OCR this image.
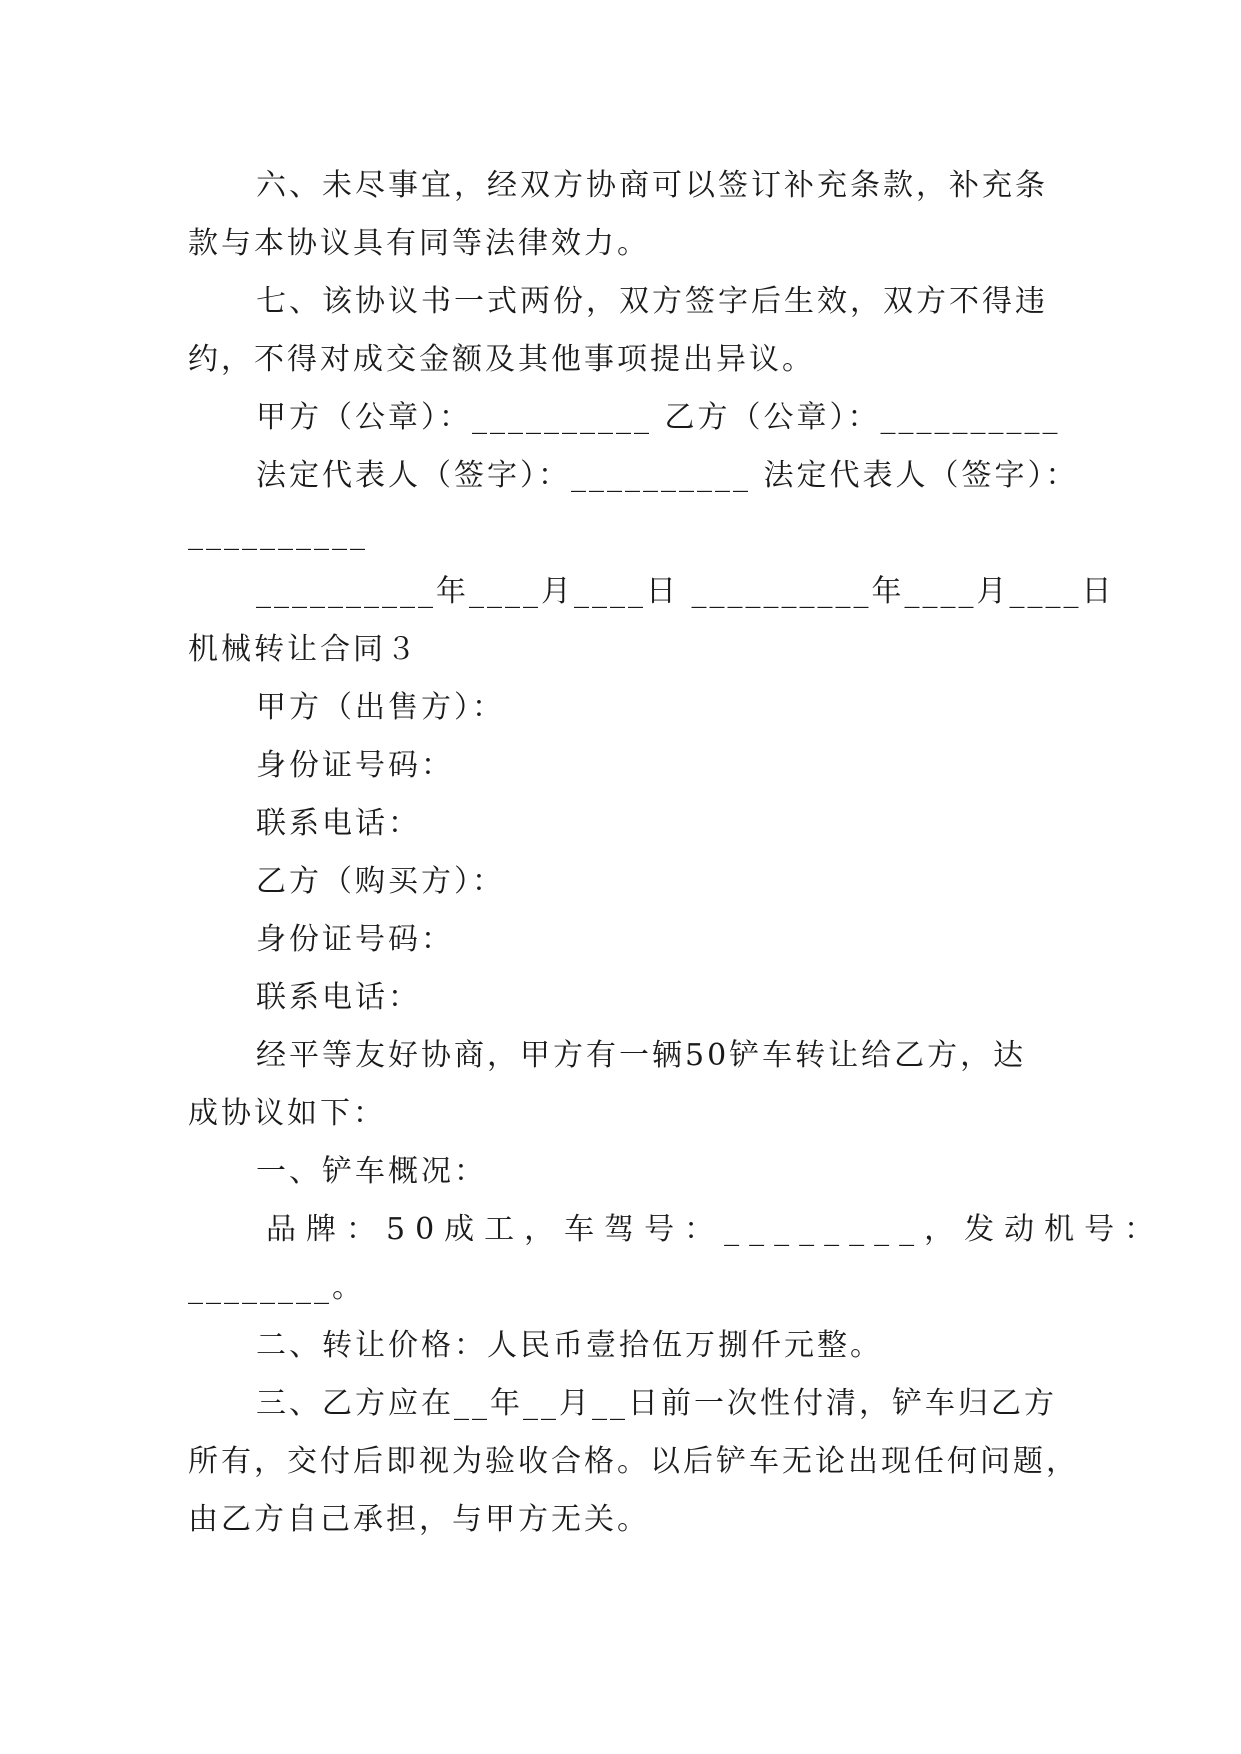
六、未尽事宜，经双方协商可以签订补充条款，补充条
款与本协议具有同等法律效力。
七、该协议书一式两份，双方签字后生效，双方不得违
约，不得对成交金额及其他事项提出异议。
甲方（公章）：__________ 乙方（公章）：__________
法定代表人（签字）：__________ 法定代表人（签字）：
__________
__________年____月____日 __________年____月____日
机械转让合同３
甲方（出售方）：
身份证号码：
联系电话：
乙方（购买方）：
身份证号码：
联系电话：
经平等友好协商，甲方有一辆50铲车转让给乙方，达
成协议如下：
一、铲车概况：
品牌：50成工，车驾号：________，发动机号：
________。
二、转让价格：人民币壹拾伍万捌仟元整。
三、乙方应在__年__月__日前一次性付清，铲车归乙方
所有，交付后即视为验收合格。以后铲车无论出现任何问题，
由乙方自己承担，与甲方无关。
